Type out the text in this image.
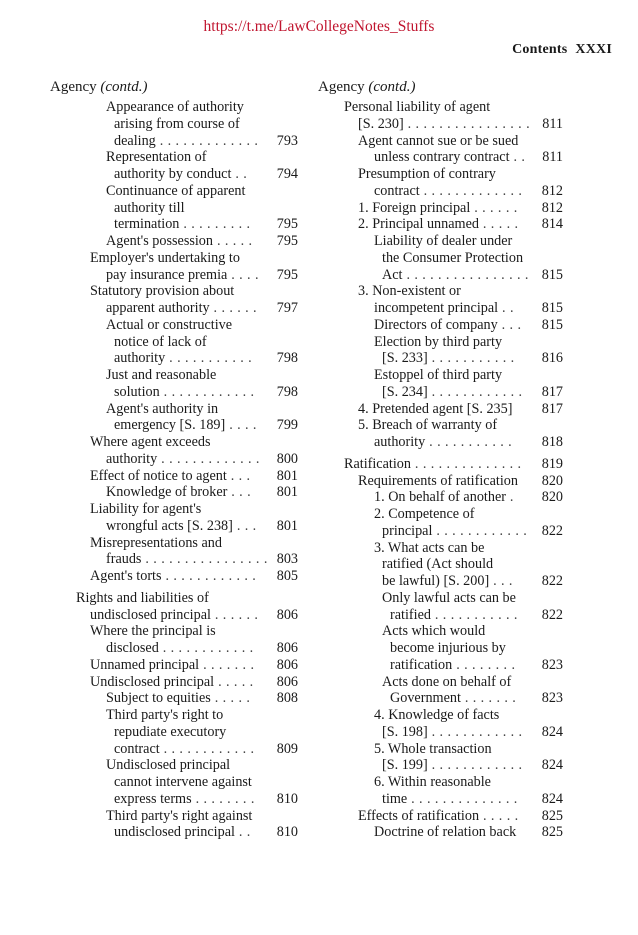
https://t.me/LawCollegeNotes_Stuffs
Contents XXXI
Agency (contd.)
Appearance of authority
arising from course of
dealing . . . . . . . . . . . . . 793
Representation of
authority by conduct . . 794
Continuance of apparent
authority till
termination . . . . . . . . . 795
Agent's possession . . . . . 795
Employer's undertaking to
pay insurance premia . . . . 795
Statutory provision about
apparent authority . . . . . . 797
Actual or constructive
notice of lack of
authority . . . . . . . . . . . 798
Just and reasonable
solution . . . . . . . . . . . . 798
Agent's authority in
emergency [S. 189] . . . . 799
Where agent exceeds
authority . . . . . . . . . . . . . 800
Effect of notice to agent . . . 801
Knowledge of broker . . . 801
Liability for agent's
wrongful acts [S. 238] . . . 801
Misrepresentations and
frauds . . . . . . . . . . . . . . . . 803
Agent's torts . . . . . . . . . . . . 805
Rights and liabilities of
undisclosed principal . . . . . . 806
Where the principal is
disclosed . . . . . . . . . . . . 806
Unnamed principal . . . . . . . 806
Undisclosed principal . . . . . 806
Subject to equities . . . . . 808
Third party's right to
repudiate executory
contract . . . . . . . . . . . . 809
Undisclosed principal
cannot intervene against
express terms . . . . . . . . 810
Third party's right against
undisclosed principal . . 810
Agency (contd.)
Personal liability of agent
[S. 230] . . . . . . . . . . . . . . . . 811
Agent cannot sue or be sued
unless contrary contract . . 811
Presumption of contrary
contract . . . . . . . . . . . . . 812
1. Foreign principal . . . . . . 812
2. Principal unnamed . . . . . 814
Liability of dealer under
the Consumer Protection
Act . . . . . . . . . . . . . . . . 815
3. Non-existent or
incompetent principal . . 815
Directors of company . . . 815
Election by third party
[S. 233] . . . . . . . . . . . 816
Estoppel of third party
[S. 234] . . . . . . . . . . . . 817
4. Pretended agent [S. 235] 817
5. Breach of warranty of
authority . . . . . . . . . . . 818
Ratification . . . . . . . . . . . . . . 819
Requirements of ratification 820
1. On behalf of another . 820
2. Competence of
principal . . . . . . . . . . . . 822
3. What acts can be
ratified (Act should
be lawful) [S. 200] . . . 822
Only lawful acts can be
ratified . . . . . . . . . . . 822
Acts which would
become injurious by
ratification . . . . . . . . 823
Acts done on behalf of
Government . . . . . . . 823
4. Knowledge of facts
[S. 198] . . . . . . . . . . . . 824
5. Whole transaction
[S. 199] . . . . . . . . . . . . 824
6. Within reasonable
time . . . . . . . . . . . . . . 824
Effects of ratification . . . . . 825
Doctrine of relation back 825
